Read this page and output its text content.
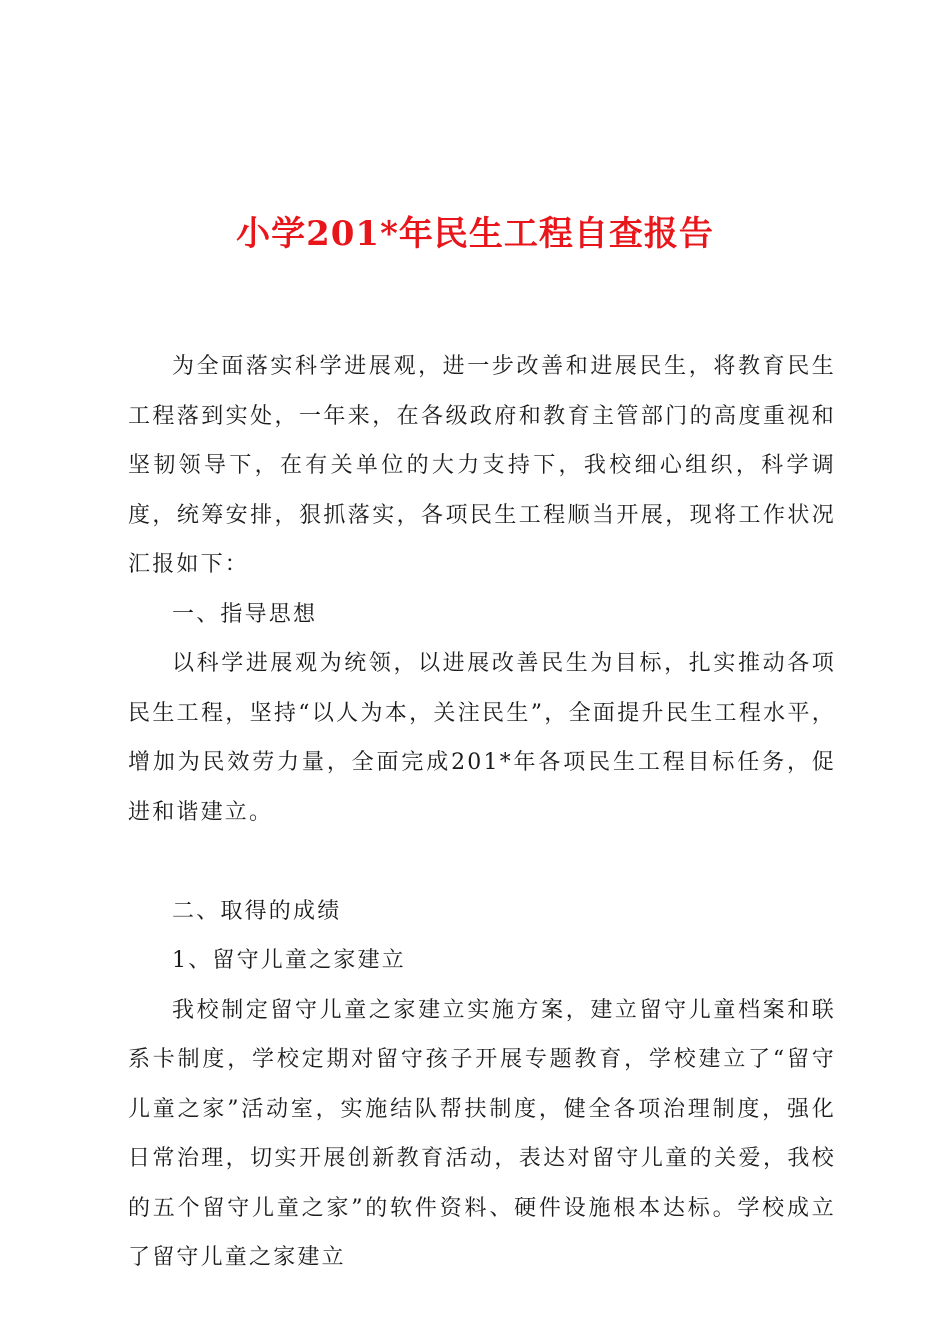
小学201*年民生工程自查报告

为全面落实科学进展观，进一步改善和进展民生，将教育民生工程落到实处，一年来，在各级政府和教育主管部门的高度重视和坚韧领导下，在有关单位的大力支持下，我校细心组织，科学调度，统筹安排，狠抓落实，各项民生工程顺当开展，现将工作状况汇报如下：

一、指导思想

以科学进展观为统领，以进展改善民生为目标，扎实推动各项民生工程，坚持“以人为本，关注民生”，全面提升民生工程水平，增加为民效劳力量，全面完成201*年各项民生工程目标任务，促进和谐建立。

二、取得的成绩

1、留守儿童之家建立

我校制定留守儿童之家建立实施方案，建立留守儿童档案和联系卡制度，学校定期对留守孩子开展专题教育，学校建立了“留守儿童之家”活动室，实施结队帮扶制度，健全各项治理制度，强化日常治理，切实开展创新教育活动，表达对留守儿童的关爱，我校的五个留守儿童之家”的软件资料、硬件设施根本达标。学校成立了留守儿童之家建立
